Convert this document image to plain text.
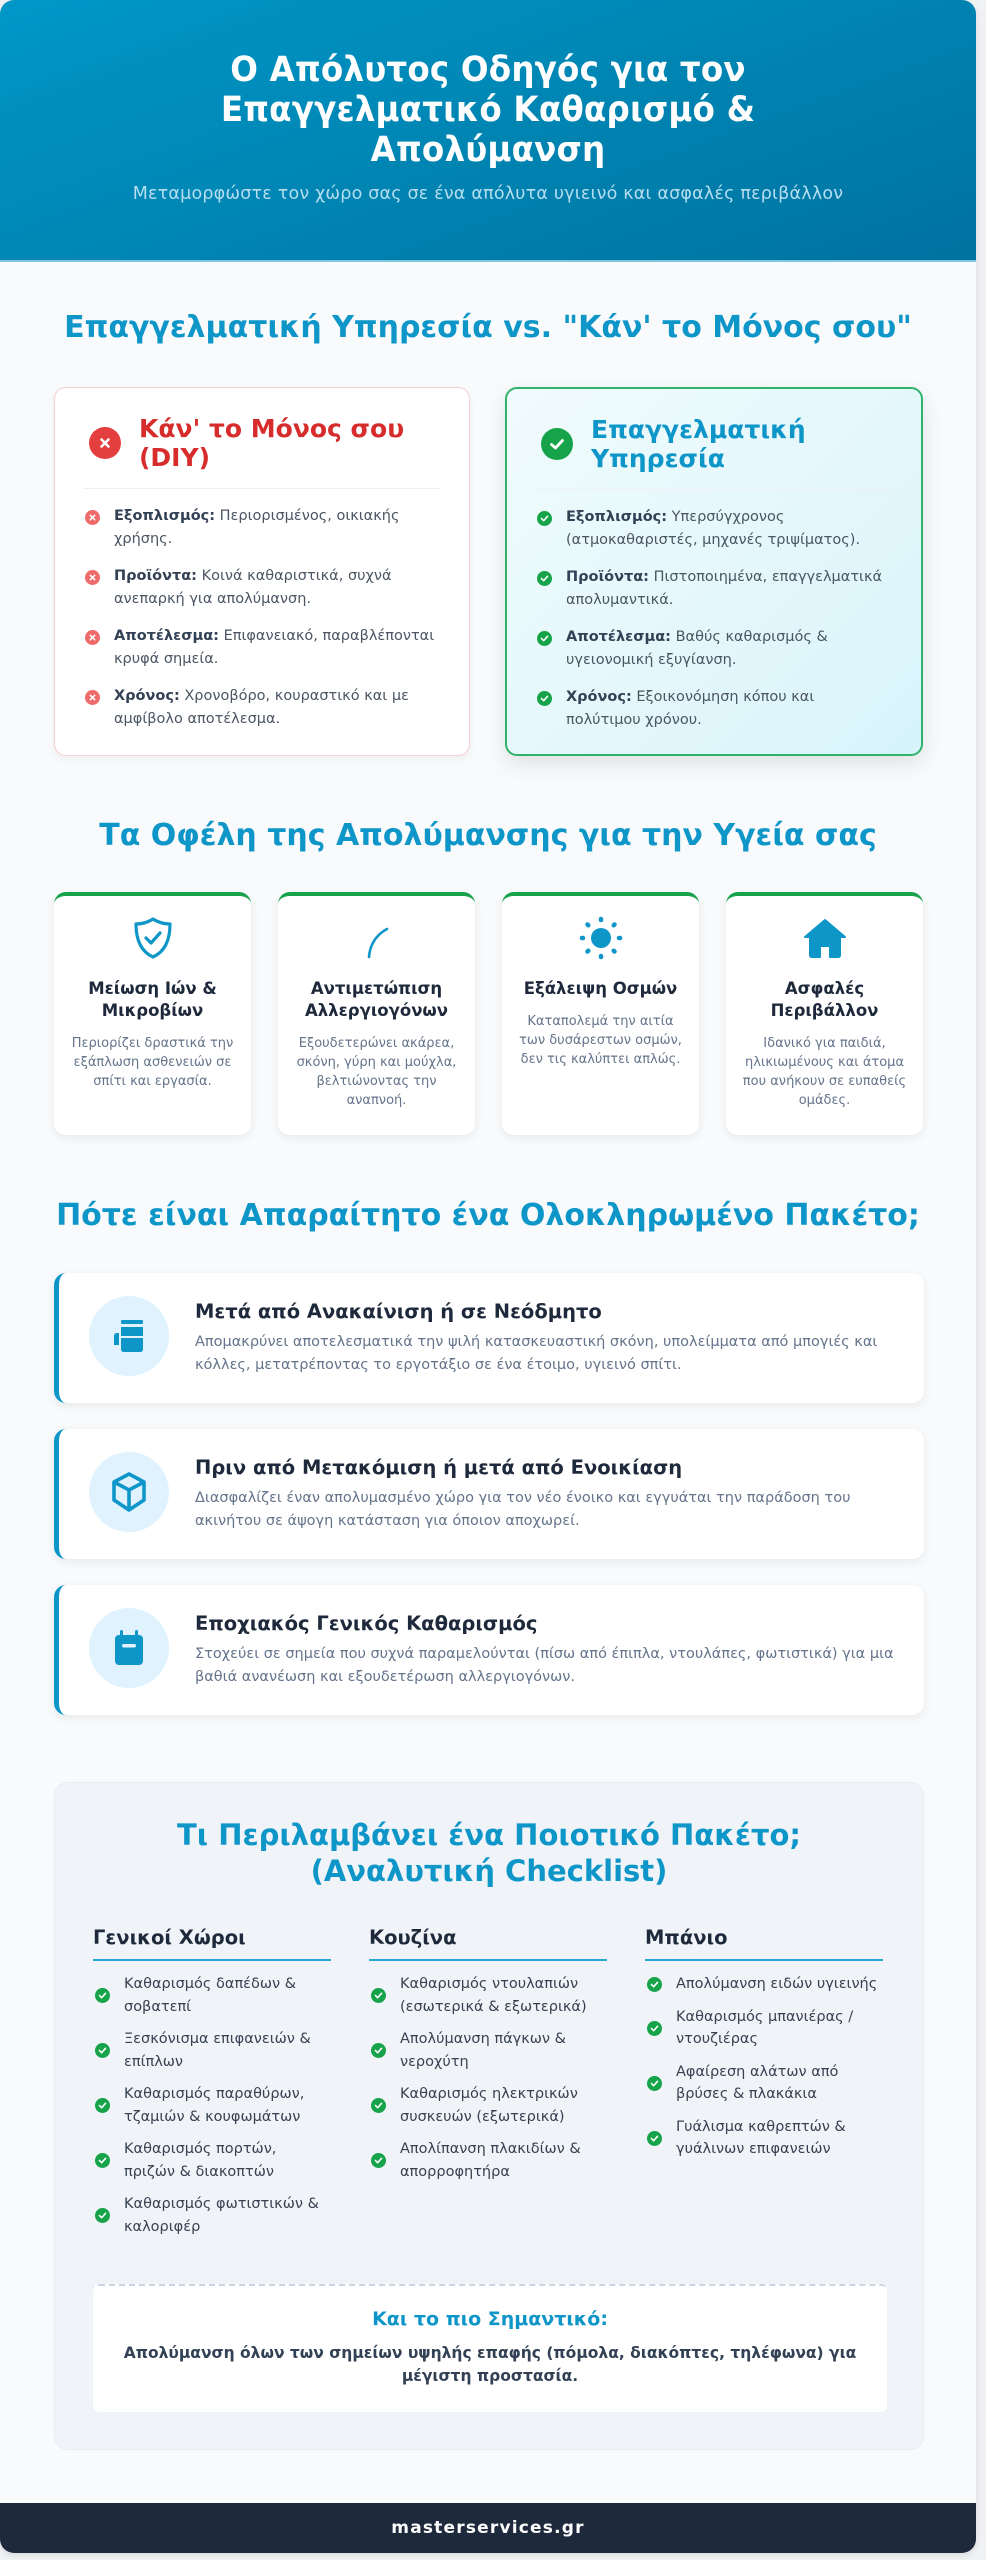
Ο Απόλυτος Οδηγός για τον Επαγγελματικό Καθαρισμό & Απολύμανση
Μεταμορφώστε τον χώρο σας σε ένα απόλυτα υγιεινό και ασφαλές περιβάλλον
Επαγγελματική Υπηρεσία vs. "Κάν' το Μόνος σου"
Κάν' το Μόνος σου (DIY)
Εξοπλισμός: Περιορισμένος, οικιακής χρήσης.
Προϊόντα: Κοινά καθαριστικά, συχνά ανεπαρκή για απολύμανση.
Αποτέλεσμα: Επιφανειακό, παραβλέπονται κρυφά σημεία.
Χρόνος: Χρονοβόρο, κουραστικό και με αμφίβολο αποτέλεσμα.
Επαγγελματική Υπηρεσία
Εξοπλισμός: Υπερσύγχρονος (ατμοκαθαριστές, μηχανές τριψίματος).
Προϊόντα: Πιστοποιημένα, επαγγελματικά απολυμαντικά.
Αποτέλεσμα: Βαθύς καθαρισμός & υγειονομική εξυγίανση.
Χρόνος: Εξοικονόμηση κόπου και πολύτιμου χρόνου.
Τα Οφέλη της Απολύμανσης για την Υγεία σας
Μείωση Ιών & Μικροβίων

Περιορίζει δραστικά την εξάπλωση ασθενειών σε σπίτι και εργασία.

Αντιμετώπιση Αλλεργιογόνων

Εξουδετερώνει ακάρεα, σκόνη, γύρη και μούχλα, βελτιώνοντας την αναπνοή.

Εξάλειψη Οσμών

Καταπολεμά την αιτία των δυσάρεστων οσμών, δεν τις καλύπτει απλώς.

Ασφαλές Περιβάλλον

Ιδανικό για παιδιά, ηλικιωμένους και άτομα που ανήκουν σε ευπαθείς ομάδες.

Πότε είναι Απαραίτητο ένα Ολοκληρωμένο Πακέτο;
Μετά από Ανακαίνιση ή σε Νεόδμητο

Απομακρύνει αποτελεσματικά την ψιλή κατασκευαστική σκόνη, υπολείμματα από μπογιές και κόλλες, μετατρέποντας το εργοτάξιο σε ένα έτοιμο, υγιεινό σπίτι.

Πριν από Μετακόμιση ή μετά από Ενοικίαση

Διασφαλίζει έναν απολυμασμένο χώρο για τον νέο ένοικο και εγγυάται την παράδοση του ακινήτου σε άψογη κατάσταση για όποιον αποχωρεί.

Εποχιακός Γενικός Καθαρισμός

Στοχεύει σε σημεία που συχνά παραμελούνται (πίσω από έπιπλα, ντουλάπες, φωτιστικά) για μια βαθιά ανανέωση και εξουδετέρωση αλλεργιογόνων.

Τι Περιλαμβάνει ένα Ποιοτικό Πακέτο;
(Αναλυτική Checklist)
Γενικοί Χώροι
Καθαρισμός δαπέδων & σοβατεπί
Ξεσκόνισμα επιφανειών & επίπλων
Καθαρισμός παραθύρων, τζαμιών & κουφωμάτων
Καθαρισμός πορτών, πριζών & διακοπτών
Καθαρισμός φωτιστικών & καλοριφέρ
Κουζίνα
Καθαρισμός ντουλαπιών (εσωτερικά & εξωτερικά)
Απολύμανση πάγκων & νεροχύτη
Καθαρισμός ηλεκτρικών συσκευών (εξωτερικά)
Απολίπανση πλακιδίων & απορροφητήρα
Μπάνιο
Απολύμανση ειδών υγιεινής
Καθαρισμός μπανιέρας / ντουζιέρας
Αφαίρεση αλάτων από βρύσες & πλακάκια
Γυάλισμα καθρεπτών & γυάλινων επιφανειών
Και το πιο Σημαντικό:

Απολύμανση όλων των σημείων υψηλής επαφής (πόμολα, διακόπτες, τηλέφωνα) για μέγιστη προστασία.

masterservices.gr
